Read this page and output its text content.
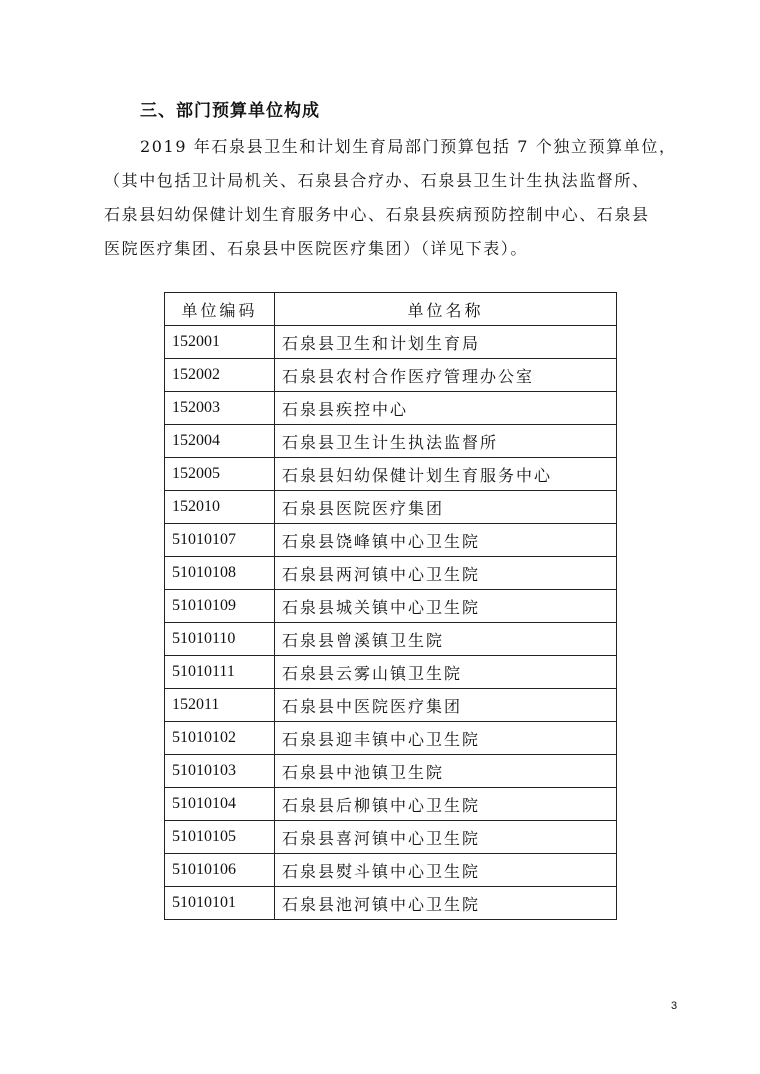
三、部门预算单位构成

2019 年石泉县卫生和计划生育局部门预算包括 7 个独立预算单位，

（其中包括卫计局机关、石泉县合疗办、石泉县卫生计生执法监督所、

石泉县妇幼保健计划生育服务中心、石泉县疾病预防控制中心、石泉县

医院医疗集团、石泉县中医院医疗集团）（详见下表）。

单位编码	单位名称
152001	石泉县卫生和计划生育局
152002	石泉县农村合作医疗管理办公室
152003	石泉县疾控中心
152004	石泉县卫生计生执法监督所
152005	石泉县妇幼保健计划生育服务中心
152010	石泉县医院医疗集团
51010107	石泉县饶峰镇中心卫生院
51010108	石泉县两河镇中心卫生院
51010109	石泉县城关镇中心卫生院
51010110	石泉县曾溪镇卫生院
51010111	石泉县云雾山镇卫生院
152011	石泉县中医院医疗集团
51010102	石泉县迎丰镇中心卫生院
51010103	石泉县中池镇卫生院
51010104	石泉县后柳镇中心卫生院
51010105	石泉县喜河镇中心卫生院
51010106	石泉县熨斗镇中心卫生院
51010101	石泉县池河镇中心卫生院
3
